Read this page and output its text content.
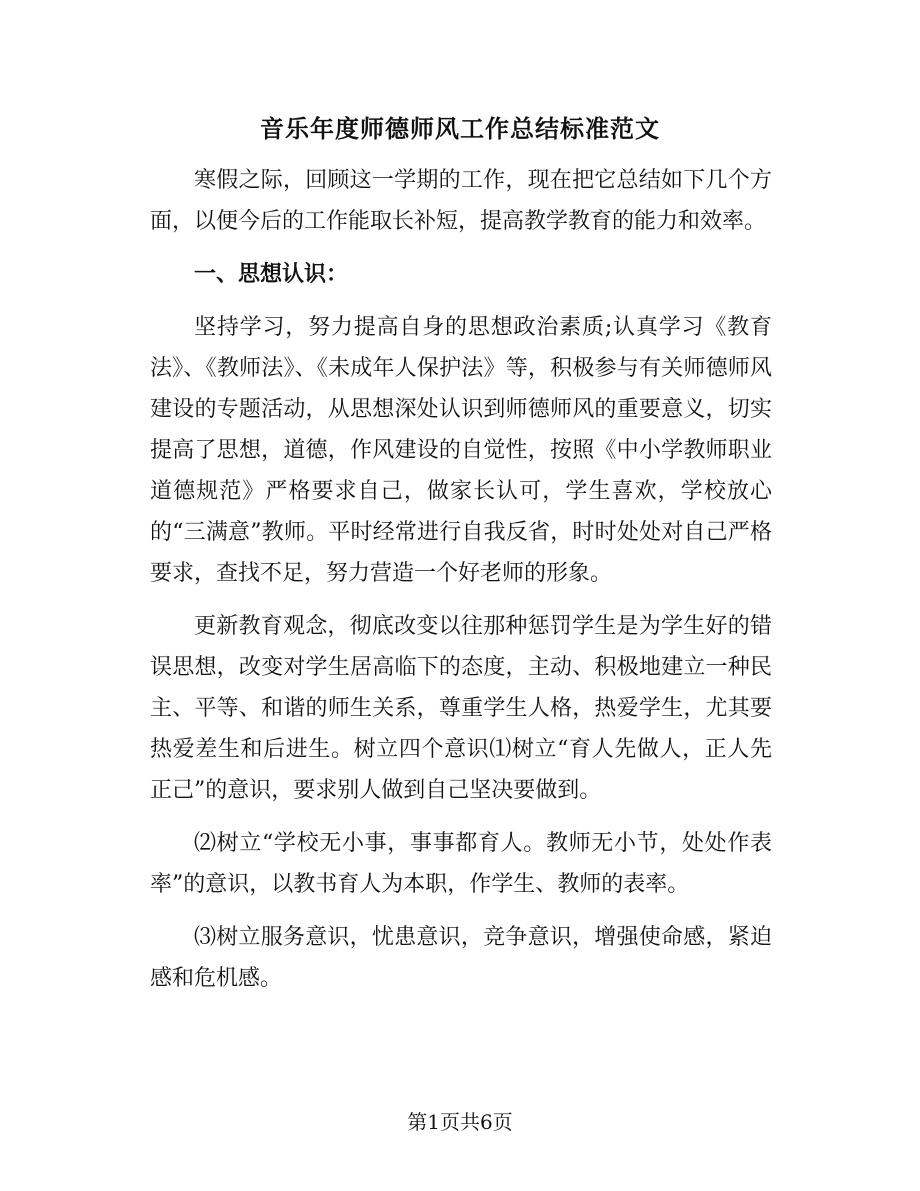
音乐年度师德师风工作总结标准范文

寒假之际，回顾这一学期的工作，现在把它总结如下几个方面，以便今后的工作能取长补短，提高教学教育的能力和效率。

一、思想认识：

坚持学习，努力提高自身的思想政治素质;认真学习《教育法》、《教师法》、《未成年人保护法》等，积极参与有关师德师风建设的专题活动，从思想深处认识到师德师风的重要意义，切实提高了思想，道德，作风建设的自觉性，按照《中小学教师职业道德规范》严格要求自己，做家长认可，学生喜欢，学校放心的“三满意”教师。平时经常进行自我反省，时时处处对自己严格要求，查找不足，努力营造一个好老师的形象。

更新教育观念，彻底改变以往那种惩罚学生是为学生好的错误思想，改变对学生居高临下的态度，主动、积极地建立一种民主、平等、和谐的师生关系，尊重学生人格，热爱学生，尤其要热爱差生和后进生。树立四个意识⑴树立“育人先做人，正人先正己”的意识，要求别人做到自己坚决要做到。

⑵树立“学校无小事，事事都育人。教师无小节，处处作表率”的意识，以教书育人为本职，作学生、教师的表率。

⑶树立服务意识，忧患意识，竞争意识，增强使命感，紧迫感和危机感。

第1页共6页
